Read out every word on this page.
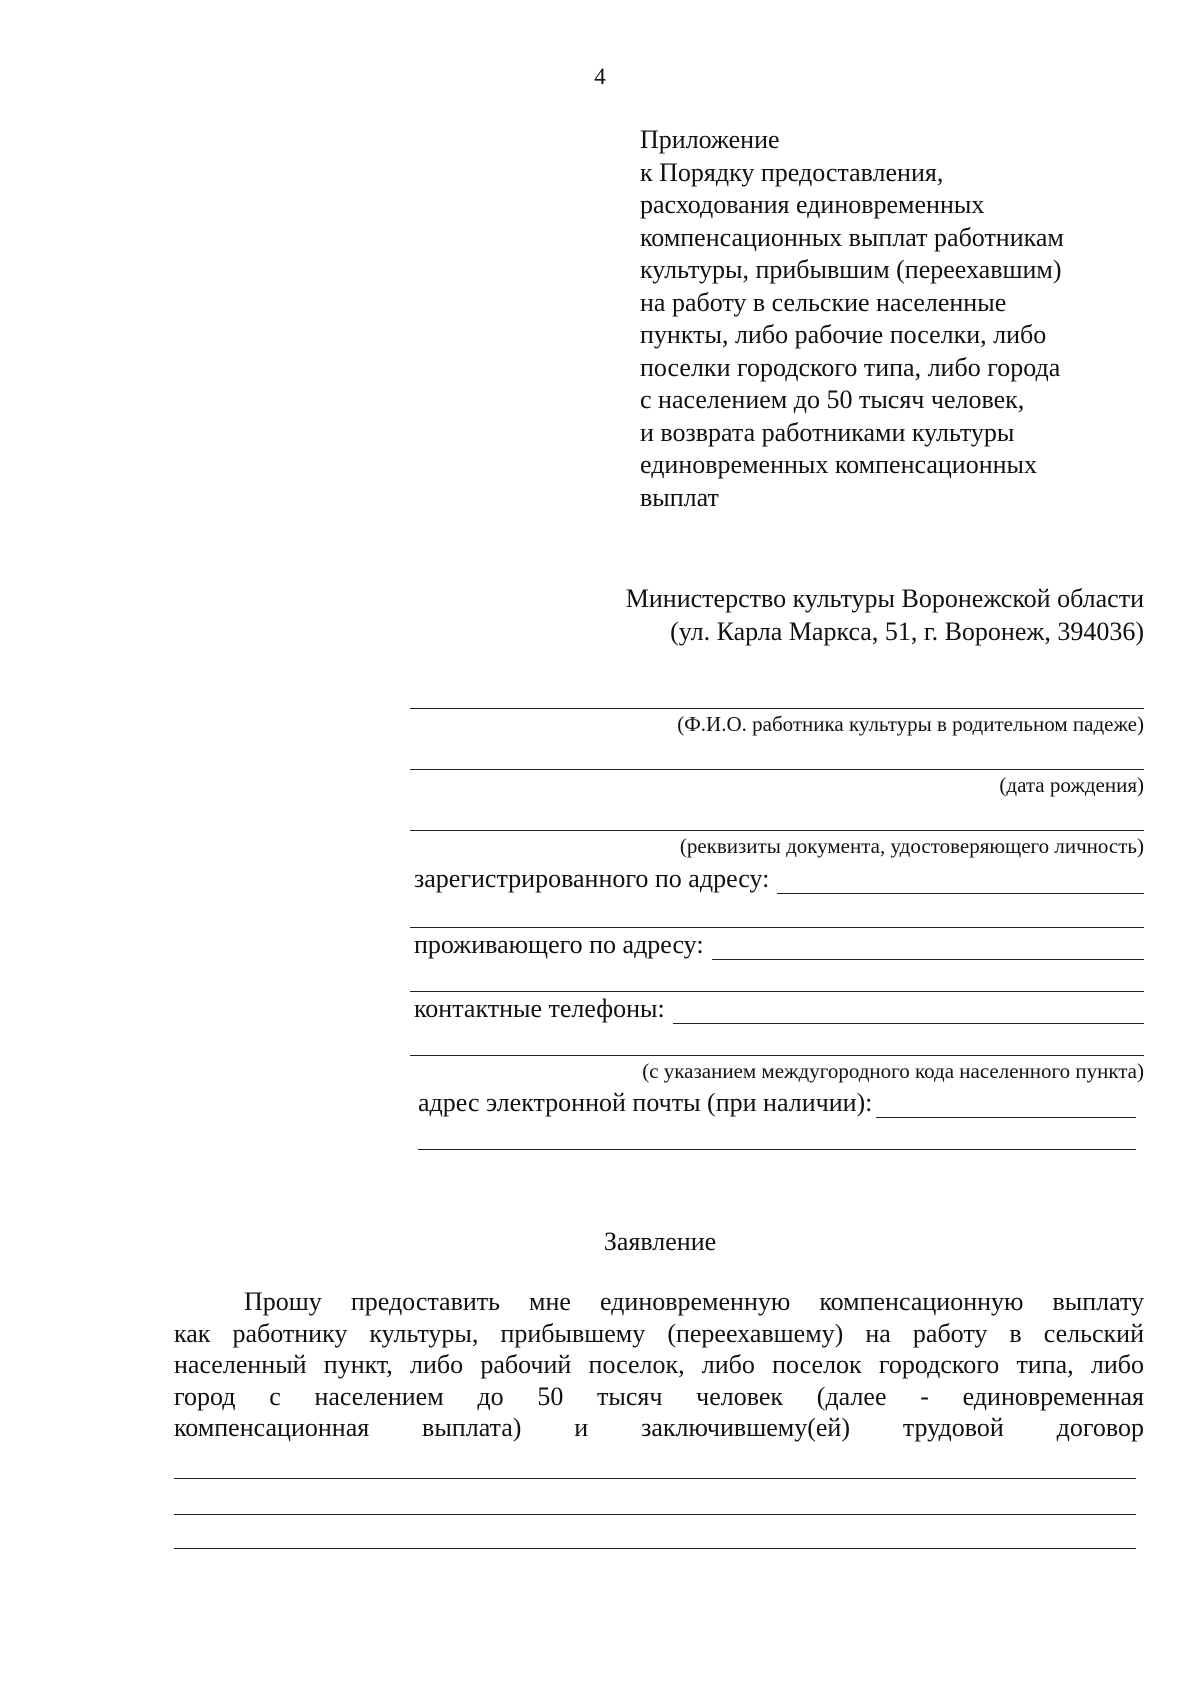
4
Приложение
к Порядку предоставления,
расходования единовременных
компенсационных выплат работникам
культуры, прибывшим (переехавшим)
на работу в сельские населенные
пункты, либо рабочие поселки, либо
поселки городского типа, либо города
с населением до 50 тысяч человек,
и возврата работниками культуры
единовременных компенсационных
выплат
Министерство культуры Воронежской области
(ул. Карла Маркса, 51, г. Воронеж, 394036)
(Ф.И.О. работника культуры в родительном падеже)
(дата рождения)
(реквизиты документа, удостоверяющего личность)
зарегистрированного по адресу:
проживающего по адресу:
контактные телефоны:
(с указанием междугородного кода населенного пункта)
адрес электронной почты (при наличии):
Заявление
Прошу предоставить мне единовременную компенсационную выплату
как работнику культуры, прибывшему (переехавшему) на работу в сельский
населенный пункт, либо рабочий поселок, либо поселок городского типа, либо
город с населением до 50 тысяч человек (далее - единовременная
компенсационная выплата) и заключившему(ей) трудовой договор
